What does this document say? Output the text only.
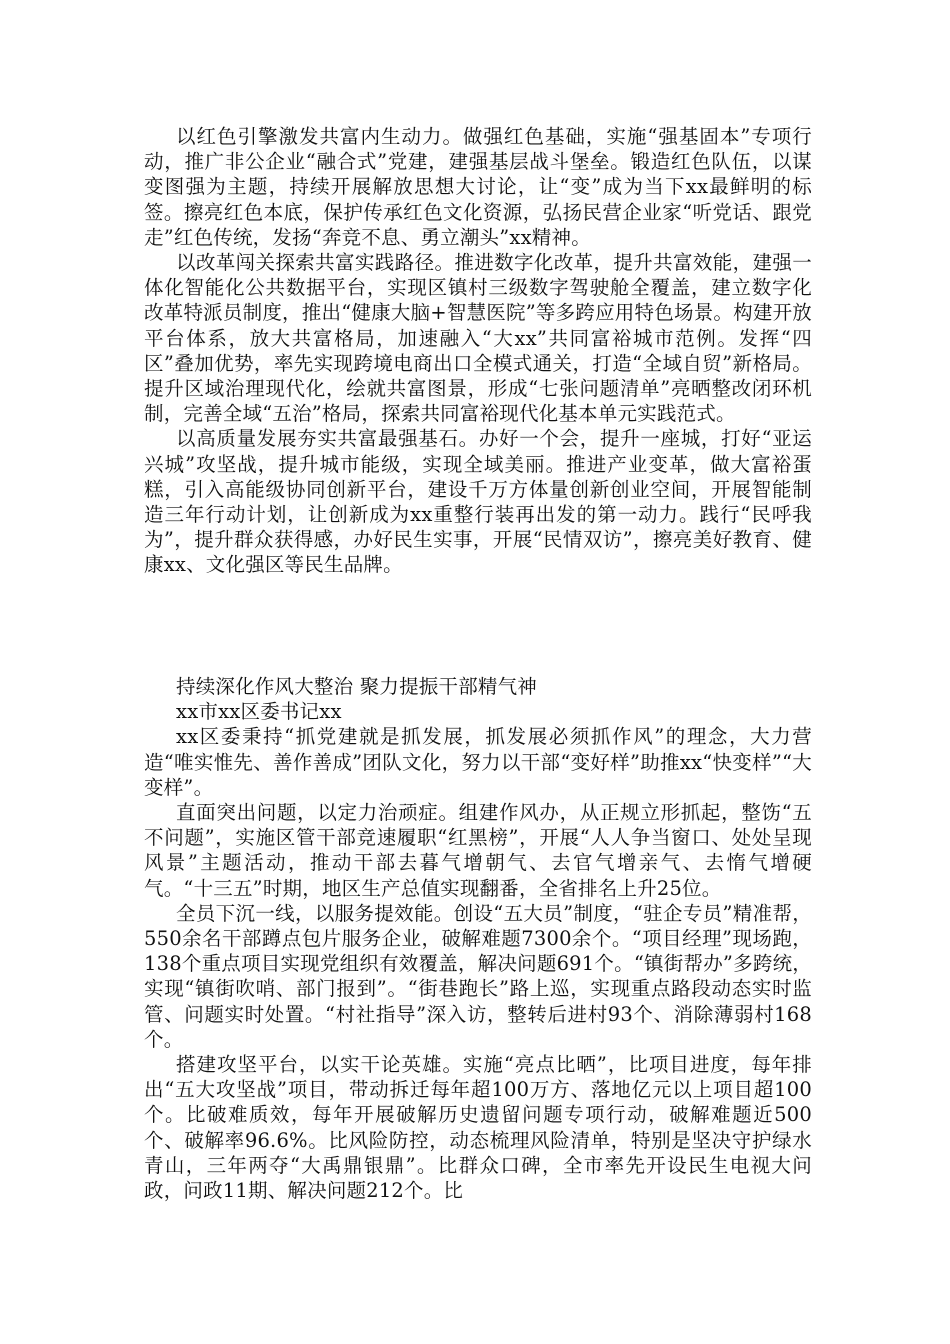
以红色引擎激发共富内生动力。做强红色基础，实施“强基固本”专项行动，推广非公企业“融合式”党建，建强基层战斗堡垒。锻造红色队伍，以谋变图强为主题，持续开展解放思想大讨论，让“变”成为当下xx最鲜明的标签。擦亮红色本底，保护传承红色文化资源，弘扬民营企业家“听党话、跟党走”红色传统，发扬“奔竞不息、勇立潮头”xx精神。

以改革闯关探索共富实践路径。推进数字化改革，提升共富效能，建强一体化智能化公共数据平台，实现区镇村三级数字驾驶舱全覆盖，建立数字化改革特派员制度，推出“健康大脑+智慧医院”等多跨应用特色场景。构建开放平台体系，放大共富格局，加速融入“大xx”共同富裕城市范例。发挥“四区”叠加优势，率先实现跨境电商出口全模式通关，打造“全域自贸”新格局。提升区域治理现代化，绘就共富图景，形成“七张问题清单”亮晒整改闭环机制，完善全域“五治”格局，探索共同富裕现代化基本单元实践范式。

以高质量发展夯实共富最强基石。办好一个会，提升一座城，打好“亚运兴城”攻坚战，提升城市能级，实现全域美丽。推进产业变革，做大富裕蛋糕，引入高能级协同创新平台，建设千万方体量创新创业空间，开展智能制造三年行动计划，让创新成为xx重整行装再出发的第一动力。践行“民呼我为”，提升群众获得感，办好民生实事，开展“民情双访”，擦亮美好教育、健康xx、文化强区等民生品牌。

持续深化作风大整治 聚力提振干部精气神
xx市xx区委书记xx

xx区委秉持“抓党建就是抓发展，抓发展必须抓作风”的理念，大力营造“唯实惟先、善作善成”团队文化，努力以干部“变好样”助推xx“快变样”“大变样”。

直面突出问题，以定力治顽症。组建作风办，从正规立形抓起，整饬“五不问题”，实施区管干部竞速履职“红黑榜”，开展“人人争当窗口、处处呈现风景”主题活动，推动干部去暮气增朝气、去官气增亲气、去惰气增硬气。“十三五”时期，地区生产总值实现翻番，全省排名上升25位。

全员下沉一线，以服务提效能。创设“五大员”制度，“驻企专员”精准帮，550余名干部蹲点包片服务企业，破解难题7300余个。“项目经理”现场跑，138个重点项目实现党组织有效覆盖，解决问题691个。“镇街帮办”多跨统，实现“镇街吹哨、部门报到”。“街巷跑长”路上巡，实现重点路段动态实时监管、问题实时处置。“村社指导”深入访，整转后进村93个、消除薄弱村168个。

搭建攻坚平台，以实干论英雄。实施“亮点比晒”，比项目进度，每年排出“五大攻坚战”项目，带动拆迁每年超100万方、落地亿元以上项目超100个。比破难质效，每年开展破解历史遗留问题专项行动，破解难题近500个、破解率96.6%。比风险防控，动态梳理风险清单，特别是坚决守护绿水青山，三年两夺“大禹鼎银鼎”。比群众口碑，全市率先开设民生电视大问政，问政11期、解决问题212个。比
